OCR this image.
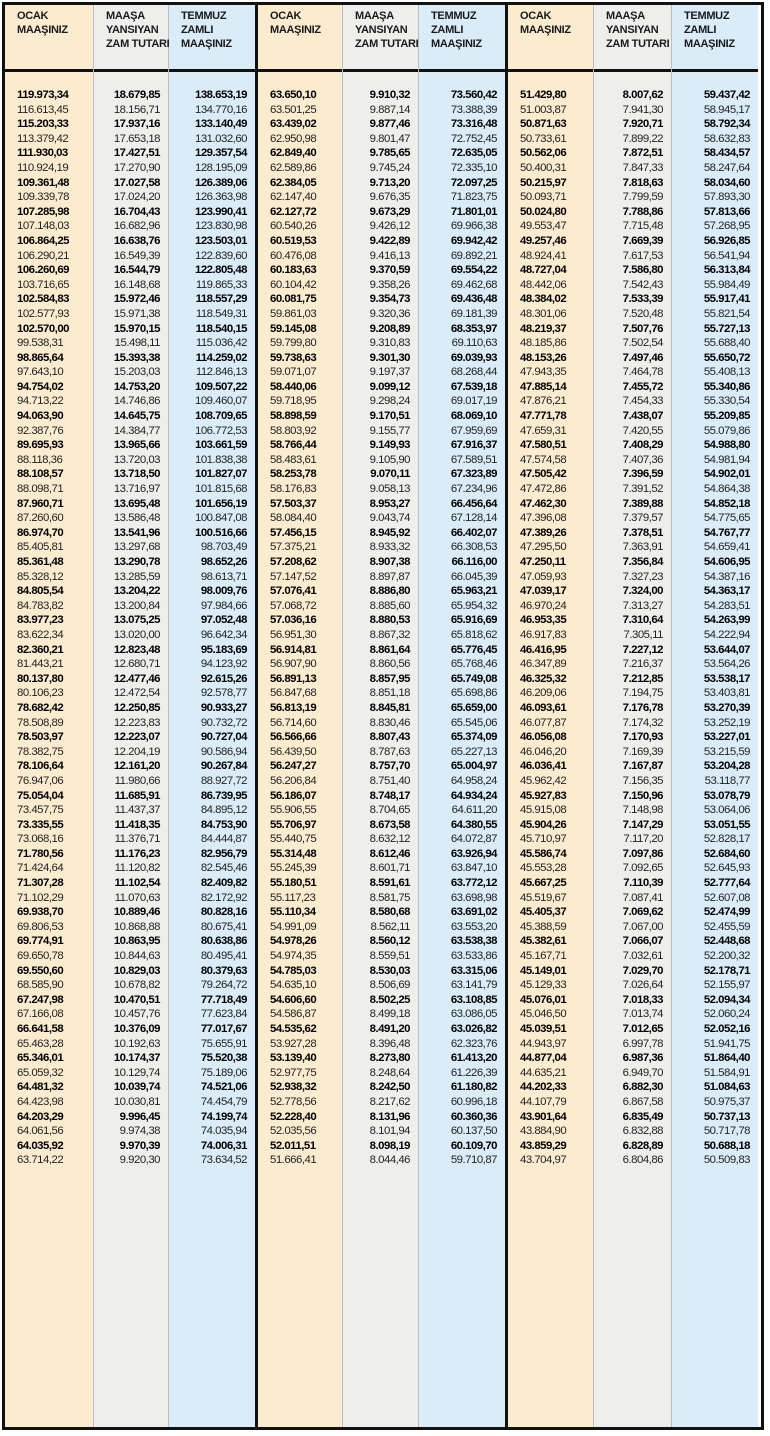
OCAK
MAAŞINIZ
119.973,34
116.613,45
115.203,33
113.379,42
111.930,03
110.924,19
109.361,48
109.339,78
107.285,98
107.148,03
106.864,25
106.290,21
106.260,69
103.716,65
102.584,83
102.577,93
102.570,00
99.538,31
98.865,64
97.643,10
94.754,02
94.713,22
94.063,90
92.387,76
89.695,93
88.118,36
88.108,57
88.098,71
87.960,71
87.260,60
86.974,70
85.405,81
85.361,48
85.328,12
84.805,54
84.783,82
83.977,23
83.622,34
82.360,21
81.443,21
80.137,80
80.106,23
78.682,42
78.508,89
78.503,97
78.382,75
78.106,64
76.947,06
75.054,04
73.457,75
73.335,55
73.068,16
71.780,56
71.424,64
71.307,28
71.102,29
69.938,70
69.806,53
69.774,91
69.650,78
69.550,60
68.585,90
67.247,98
67.166,08
66.641,58
65.463,28
65.346,01
65.059,32
64.481,32
64.423,98
64.203,29
64.061,56
64.035,92
63.714,22
MAAŞA
YANSIYAN
ZAM TUTARI
18.679,85
18.156,71
17.937,16
17.653,18
17.427,51
17.270,90
17.027,58
17.024,20
16.704,43
16.682,96
16.638,76
16.549,39
16.544,79
16.148,68
15.972,46
15.971,38
15.970,15
15.498,11
15.393,38
15.203,03
14.753,20
14.746,86
14.645,75
14.384,77
13.965,66
13.720,03
13.718,50
13.716,97
13.695,48
13.586,48
13.541,96
13.297,68
13.290,78
13.285,59
13.204,22
13.200,84
13.075,25
13.020,00
12.823,48
12.680,71
12.477,46
12.472,54
12.250,85
12.223,83
12.223,07
12.204,19
12.161,20
11.980,66
11.685,91
11.437,37
11.418,35
11.376,71
11.176,23
11.120,82
11.102,54
11.070,63
10.889,46
10.868,88
10.863,95
10.844,63
10.829,03
10.678,82
10.470,51
10.457,76
10.376,09
10.192,63
10.174,37
10.129,74
10.039,74
10.030,81
9.996,45
9.974,38
9.970,39
9.920,30
TEMMUZ
ZAMLI
MAAŞINIZ
138.653,19
134.770,16
133.140,49
131.032,60
129.357,54
128.195,09
126.389,06
126.363,98
123.990,41
123.830,98
123.503,01
122.839,60
122.805,48
119.865,33
118.557,29
118.549,31
118.540,15
115.036,42
114.259,02
112.846,13
109.507,22
109.460,07
108.709,65
106.772,53
103.661,59
101.838,38
101.827,07
101.815,68
101.656,19
100.847,08
100.516,66
98.703,49
98.652,26
98.613,71
98.009,76
97.984,66
97.052,48
96.642,34
95.183,69
94.123,92
92.615,26
92.578,77
90.933,27
90.732,72
90.727,04
90.586,94
90.267,84
88.927,72
86.739,95
84.895,12
84.753,90
84.444,87
82.956,79
82.545,46
82.409,82
82.172,92
80.828,16
80.675,41
80.638,86
80.495,41
80.379,63
79.264,72
77.718,49
77.623,84
77.017,67
75.655,91
75.520,38
75.189,06
74.521,06
74.454,79
74.199,74
74.035,94
74.006,31
73.634,52
OCAK
MAAŞINIZ
63.650,10
63.501,25
63.439,02
62.950,98
62.849,40
62.589,86
62.384,05
62.147,40
62.127,72
60.540,26
60.519,53
60.476,08
60.183,63
60.104,42
60.081,75
59.861,03
59.145,08
59.799,80
59.738,63
59.071,07
58.440,06
59.718,95
58.898,59
58.803,92
58.766,44
58.483,61
58.253,78
58.176,83
57.503,37
58.084,40
57.456,15
57.375,21
57.208,62
57.147,52
57.076,41
57.068,72
57.036,16
56.951,30
56.914,81
56.907,90
56.891,13
56.847,68
56.813,19
56.714,60
56.566,66
56.439,50
56.247,27
56.206,84
56.186,07
55.906,55
55.706,97
55.440,75
55.314,48
55.245,39
55.180,51
55.117,23
55.110,34
54.991,09
54.978,26
54.974,35
54.785,03
54.635,10
54.606,60
54.586,87
54.535,62
53.927,28
53.139,40
52.977,75
52.938,32
52.778,56
52.228,40
52.035,56
52.011,51
51.666,41
MAAŞA
YANSIYAN
ZAM TUTARI
9.910,32
9.887,14
9.877,46
9.801,47
9.785,65
9.745,24
9.713,20
9.676,35
9.673,29
9.426,12
9.422,89
9.416,13
9.370,59
9.358,26
9.354,73
9.320,36
9.208,89
9.310,83
9.301,30
9.197,37
9.099,12
9.298,24
9.170,51
9.155,77
9.149,93
9.105,90
9.070,11
9.058,13
8.953,27
9.043,74
8.945,92
8.933,32
8.907,38
8.897,87
8.886,80
8.885,60
8.880,53
8.867,32
8.861,64
8.860,56
8.857,95
8.851,18
8.845,81
8.830,46
8.807,43
8.787,63
8.757,70
8.751,40
8.748,17
8.704,65
8.673,58
8.632,12
8.612,46
8.601,71
8.591,61
8.581,75
8.580,68
8.562,11
8.560,12
8.559,51
8.530,03
8.506,69
8.502,25
8.499,18
8.491,20
8.396,48
8.273,80
8.248,64
8.242,50
8.217,62
8.131,96
8.101,94
8.098,19
8.044,46
TEMMUZ
ZAMLI
MAAŞINIZ
73.560,42
73.388,39
73.316,48
72.752,45
72.635,05
72.335,10
72.097,25
71.823,75
71.801,01
69.966,38
69.942,42
69.892,21
69.554,22
69.462,68
69.436,48
69.181,39
68.353,97
69.110,63
69.039,93
68.268,44
67.539,18
69.017,19
68.069,10
67.959,69
67.916,37
67.589,51
67.323,89
67.234,96
66.456,64
67.128,14
66.402,07
66.308,53
66.116,00
66.045,39
65.963,21
65.954,32
65.916,69
65.818,62
65.776,45
65.768,46
65.749,08
65.698,86
65.659,00
65.545,06
65.374,09
65.227,13
65.004,97
64.958,24
64.934,24
64.611,20
64.380,55
64.072,87
63.926,94
63.847,10
63.772,12
63.698,98
63.691,02
63.553,20
63.538,38
63.533,86
63.315,06
63.141,79
63.108,85
63.086,05
63.026,82
62.323,76
61.413,20
61.226,39
61.180,82
60.996,18
60.360,36
60.137,50
60.109,70
59.710,87
OCAK
MAAŞINIZ
51.429,80
51.003,87
50.871,63
50.733,61
50.562,06
50.400,31
50.215,97
50.093,71
50.024,80
49.553,47
49.257,46
48.924,41
48.727,04
48.442,06
48.384,02
48.301,06
48.219,37
48.185,86
48.153,26
47.943,35
47.885,14
47.876,21
47.771,78
47.659,31
47.580,51
47.574,58
47.505,42
47.472,86
47.462,30
47.396,08
47.389,26
47.295,50
47.250,11
47.059,93
47.039,17
46.970,24
46.953,35
46.917,83
46.416,95
46.347,89
46.325,32
46.209,06
46.093,61
46.077,87
46.056,08
46.046,20
46.036,41
45.962,42
45.927,83
45.915,08
45.904,26
45.710,97
45.586,74
45.553,28
45.667,25
45.519,67
45.405,37
45.388,59
45.382,61
45.167,71
45.149,01
45.129,33
45.076,01
45.046,50
45.039,51
44.943,97
44.877,04
44.635,21
44.202,33
44.107,79
43.901,64
43.884,90
43.859,29
43.704,97
MAAŞA
YANSIYAN
ZAM TUTARI
8.007,62
7.941,30
7.920,71
7.899,22
7.872,51
7.847,33
7.818,63
7.799,59
7.788,86
7.715,48
7.669,39
7.617,53
7.586,80
7.542,43
7.533,39
7.520,48
7.507,76
7.502,54
7.497,46
7.464,78
7.455,72
7.454,33
7.438,07
7.420,55
7.408,29
7.407,36
7.396,59
7.391,52
7.389,88
7.379,57
7.378,51
7.363,91
7.356,84
7.327,23
7.324,00
7.313,27
7.310,64
7.305,11
7.227,12
7.216,37
7.212,85
7.194,75
7.176,78
7.174,32
7.170,93
7.169,39
7.167,87
7.156,35
7.150,96
7.148,98
7.147,29
7.117,20
7.097,86
7.092,65
7.110,39
7.087,41
7.069,62
7.067,00
7.066,07
7.032,61
7.029,70
7.026,64
7.018,33
7.013,74
7.012,65
6.997,78
6.987,36
6.949,70
6.882,30
6.867,58
6.835,49
6.832,88
6.828,89
6.804,86
TEMMUZ
ZAMLI
MAAŞINIZ
59.437,42
58.945,17
58.792,34
58.632,83
58.434,57
58.247,64
58.034,60
57.893,30
57.813,66
57.268,95
56.926,85
56.541,94
56.313,84
55.984,49
55.917,41
55.821,54
55.727,13
55.688,40
55.650,72
55.408,13
55.340,86
55.330,54
55.209,85
55.079,86
54.988,80
54.981,94
54.902,01
54.864,38
54.852,18
54.775,65
54.767,77
54.659,41
54.606,95
54.387,16
54.363,17
54.283,51
54.263,99
54.222,94
53.644,07
53.564,26
53.538,17
53.403,81
53.270,39
53.252,19
53.227,01
53.215,59
53.204,28
53.118,77
53.078,79
53.064,06
53.051,55
52.828,17
52.684,60
52.645,93
52.777,64
52.607,08
52.474,99
52.455,59
52.448,68
52.200,32
52.178,71
52.155,97
52.094,34
52.060,24
52.052,16
51.941,75
51.864,40
51.584,91
51.084,63
50.975,37
50.737,13
50.717,78
50.688,18
50.509,83
